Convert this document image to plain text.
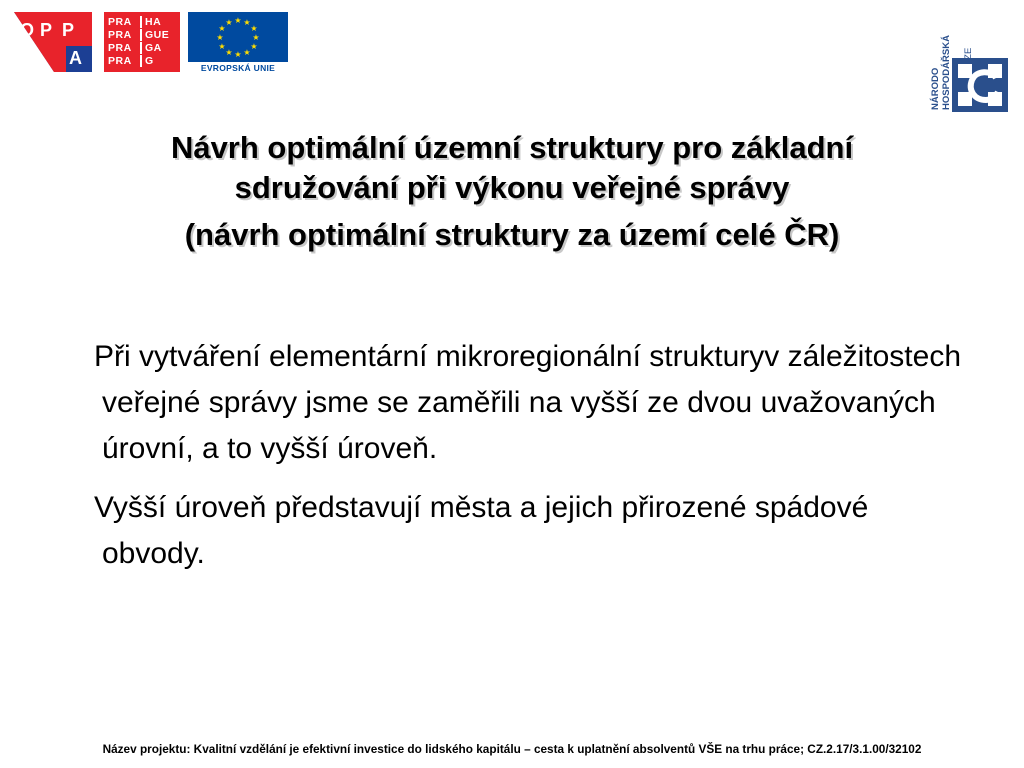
O P P
A
PRA	HA
PRA	GUE
PRA	GA
PRA	G
★ ★
★
★
★
★
★
★
★
★
★
★
EVROPSKÁ UNIE	NÁRODO HOSPODÁŘSKÁ
Návrh optimální územní struktury pro základní
sdružování při výkonu veřejné správy
(návrh optimální struktury za území celé ČR)

Při vytváření elementární mikroregionální strukturyv záležitostech veřejné správy jsme se zaměřili na vyšší ze dvou uvažovaných úrovní, a to vyšší úroveň.

Vyšší úroveň představují města a jejich přirozené spádové obvody.

Název projektu: Kvalitní vzdělání je efektivní investice do lidského kapitálu – cesta k uplatnění absolventů VŠE na trhu práce; CZ.2.17/3.1.00/32102
